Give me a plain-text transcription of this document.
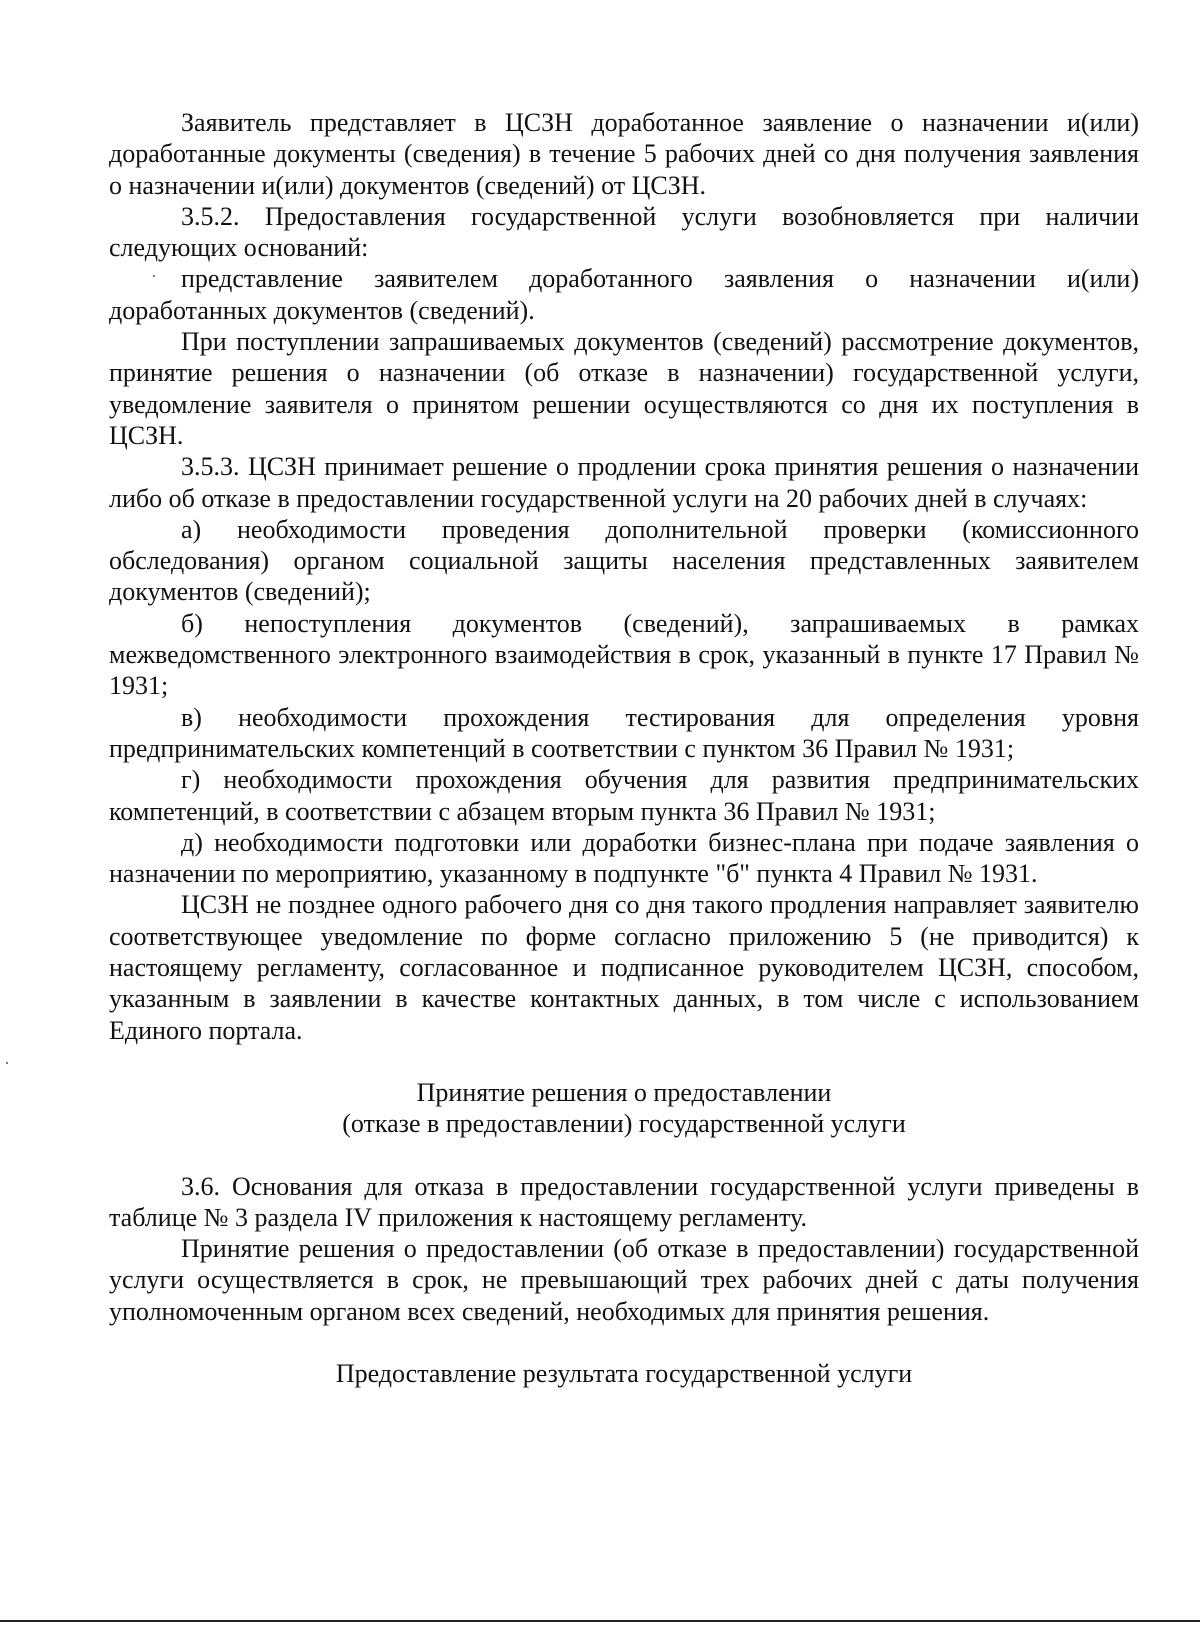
Заявитель представляет в ЦСЗН доработанное заявление о назначении и(или) доработанные документы (сведения) в течение 5 рабочих дней со дня получения заявления о назначении и(или) документов (сведений) от ЦСЗН.

3.5.2. Предоставления государственной услуги возобновляется при наличии следующих оснований:

представление заявителем доработанного заявления о назначении и(или) доработанных документов (сведений).

При поступлении запрашиваемых документов (сведений) рассмотрение документов, принятие решения о назначении (об отказе в назначении) государственной услуги, уведомление заявителя о принятом решении осуществляются со дня их поступления в ЦСЗН.

3.5.3. ЦСЗН принимает решение о продлении срока принятия решения о назначении либо об отказе в предоставлении государственной услуги на 20 рабочих дней в случаях:

а) необходимости проведения дополнительной проверки (комиссионного обследования) органом социальной защиты населения представленных заявителем документов (сведений);

б) непоступления документов (сведений), запрашиваемых в рамках межведомственного электронного взаимодействия в срок, указанный в пункте 17 Правил № 1931;

в) необходимости прохождения тестирования для определения уровня предпринимательских компетенций в соответствии с пунктом 36 Правил № 1931;

г) необходимости прохождения обучения для развития предпринимательских компетенций, в соответствии с абзацем вторым пункта 36 Правил № 1931;

д) необходимости подготовки или доработки бизнес-плана при подаче заявления о назначении по мероприятию, указанному в подпункте "б" пункта 4 Правил № 1931.

ЦСЗН не позднее одного рабочего дня со дня такого продления направляет заявителю соответствующее уведомление по форме согласно приложению 5 (не приводится) к настоящему регламенту, согласованное и подписанное руководителем ЦСЗН, способом, указанным в заявлении в качестве контактных данных, в том числе с использованием Единого портала.

Принятие решения о предоставлении

(отказе в предоставлении) государственной услуги

3.6. Основания для отказа в предоставлении государственной услуги приведены в таблице № 3 раздела IV приложения к настоящему регламенту.

Принятие решения о предоставлении (об отказе в предоставлении) государственной услуги осуществляется в срок, не превышающий трех рабочих дней с даты получения уполномоченным органом всех сведений, необходимых для принятия решения.

Предоставление результата государственной услуги
